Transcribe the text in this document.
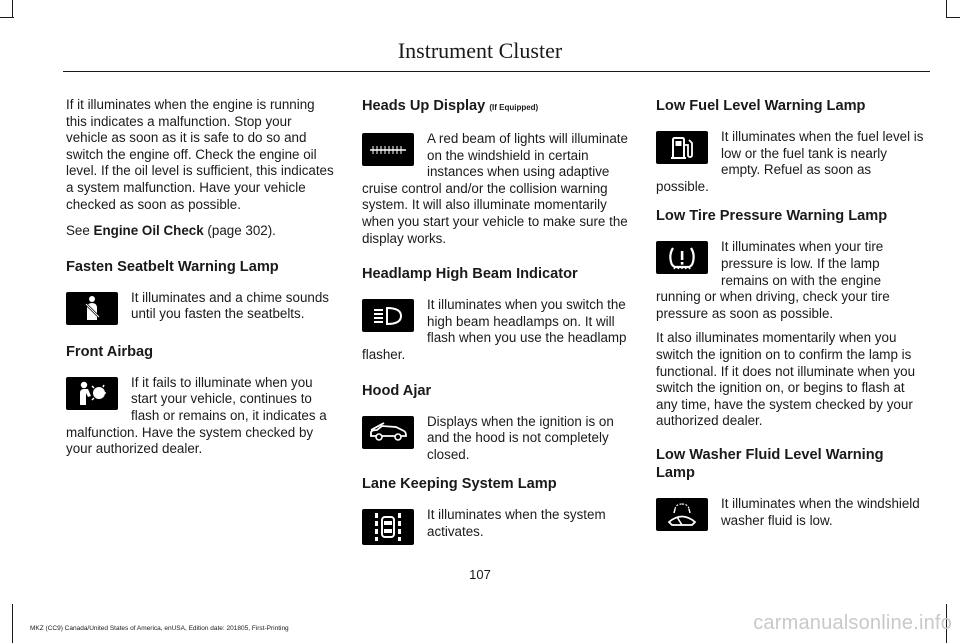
Instrument Cluster

If it illuminates when the engine is running this indicates a malfunction. Stop your vehicle as soon as it is safe to do so and switch the engine off. Check the engine oil level. If the oil level is sufficient, this indicates a system malfunction. Have your vehicle checked as soon as possible.

See Engine Oil Check (page 302).

Fasten Seatbelt Warning Lamp

It illuminates and a chime sounds until you fasten the seatbelts.

Front Airbag

If it fails to illuminate when you start your vehicle, continues to flash or remains on, it indicates a malfunction. Have the system checked by your authorized dealer.

Heads Up Display (If Equipped)

A red beam of lights will illuminate on the windshield in certain instances when using adaptive cruise control and/or the collision warning system. It will also illuminate momentarily when you start your vehicle to make sure the display works.

Headlamp High Beam Indicator

It illuminates when you switch the high beam headlamps on. It will flash when you use the headlamp flasher.

Hood Ajar

Displays when the ignition is on and the hood is not completely closed.

Lane Keeping System Lamp

It illuminates when the system activates.

Low Fuel Level Warning Lamp

It illuminates when the fuel level is low or the fuel tank is nearly empty. Refuel as soon as possible.

Low Tire Pressure Warning Lamp

It illuminates when your tire pressure is low. If the lamp remains on with the engine running or when driving, check your tire pressure as soon as possible.

It also illuminates momentarily when you switch the ignition on to confirm the lamp is functional. If it does not illuminate when you switch the ignition on, or begins to flash at any time, have the system checked by your authorized dealer.

Low Washer Fluid Level Warning Lamp

It illuminates when the windshield washer fluid is low.

107
MKZ (CC9) Canada/United States of America, enUSA, Edition date: 201805, First-Printing	carmanualsonline.info
